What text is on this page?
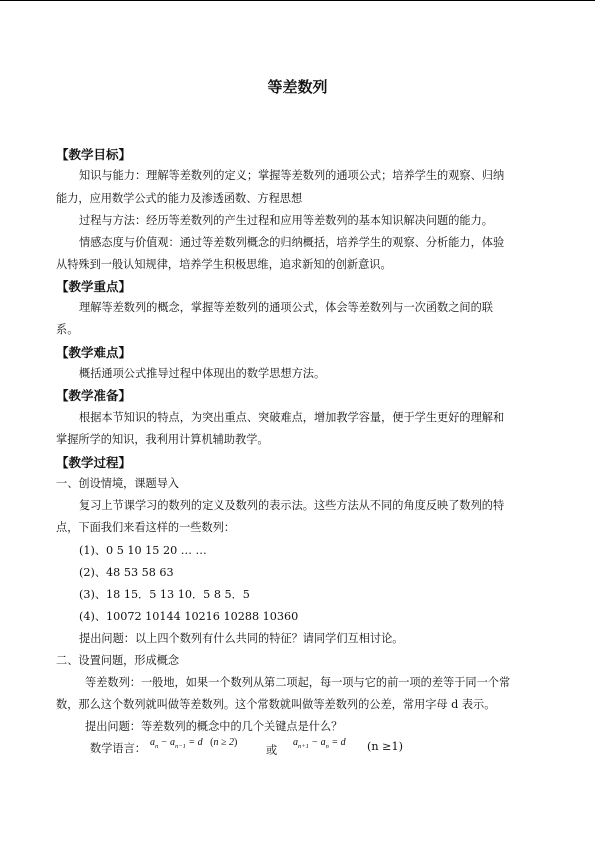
等差数列
【教学目标】
知识与能力：理解等差数列的定义；掌握等差数列的通项公式；培养学生的观察、归纳
能力，应用数学公式的能力及渗透函数、方程思想
过程与方法：经历等差数列的产生过程和应用等差数列的基本知识解决问题的能力。
情感态度与价值观：通过等差数列概念的归纳概括，培养学生的观察、分析能力，体验
从特殊到一般认知规律，培养学生积极思维，追求新知的创新意识。
【教学重点】
理解等差数列的概念，掌握等差数列的通项公式，体会等差数列与一次函数之间的联
系。
【教学难点】
概括通项公式推导过程中体现出的数学思想方法。
【教学准备】
根据本节知识的特点，为突出重点、突破难点，增加教学容量，便于学生更好的理解和
掌握所学的知识，我利用计算机辅助教学。
【教学过程】
一、创设情境，课题导入
复习上节课学习的数列的定义及数列的表示法。这些方法从不同的角度反映了数列的特
点，下面我们来看这样的一些数列：
(1)、0 5 10 15 20 … …
(2)、48 53 58 63
(3)、18 15．5 13 10．5 8 5．5
(4)、10072 10144 10216 10288 10360
提出问题：以上四个数列有什么共同的特征？请同学们互相讨论。
二、设置问题，形成概念
等差数列：一般地，如果一个数列从第二项起，每一项与它的前一项的差等于同一个常
数，那么这个数列就叫做等差数列。这个常数就叫做等差数列的公差，常用字母 d 表示。
提出问题：等差数列的概念中的几个关键点是什么？
数学语言： $a_n - a_{n-1} = d$   (n ≥ 2)
或
$a_{n+1} - a_n = d$ (n ≥1)
